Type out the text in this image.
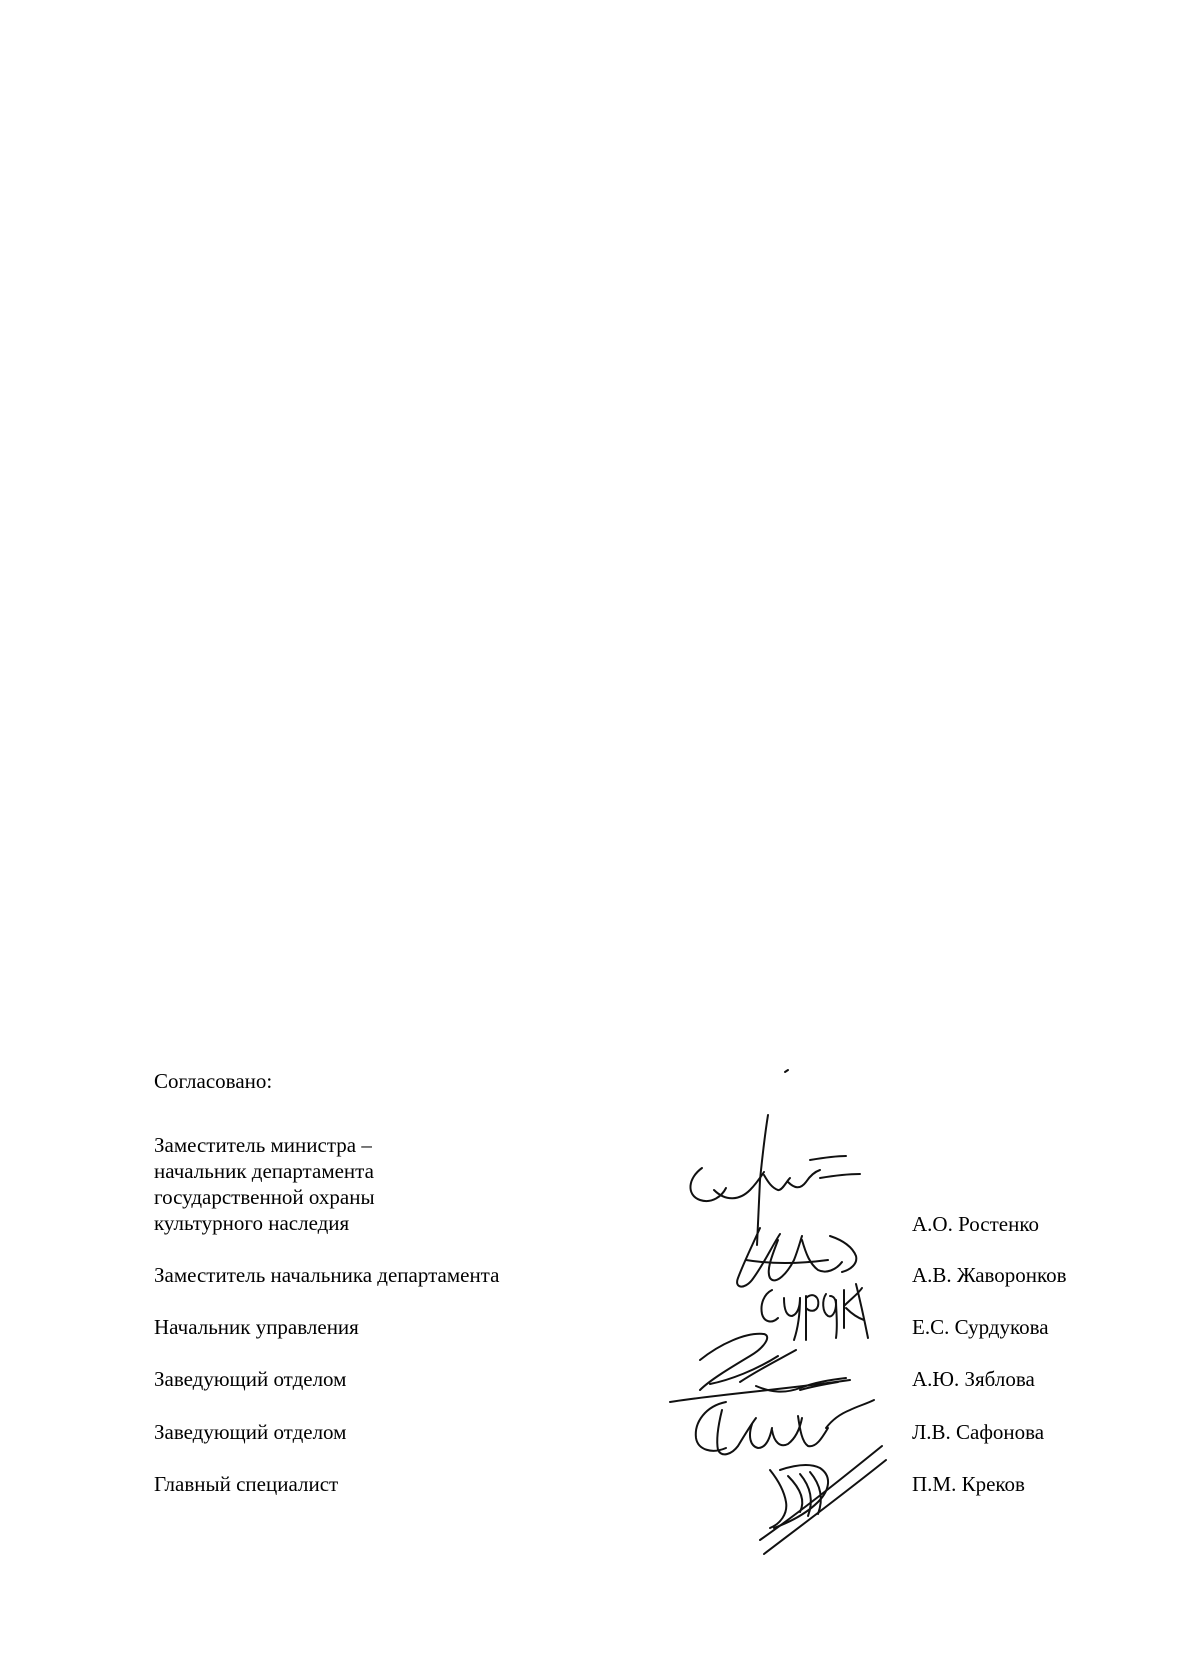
Согласовано:
Заместитель министра –
начальник департамента
государственной охраны
культурного наследия	А.О. Ростенко
Заместитель начальника департамента	А.В. Жаворонков
Начальник управления	Е.С. Сурдукова
Заведующий отделом	А.Ю. Зяблова
Заведующий отделом	Л.В. Сафонова
Главный специалист	П.М. Креков
